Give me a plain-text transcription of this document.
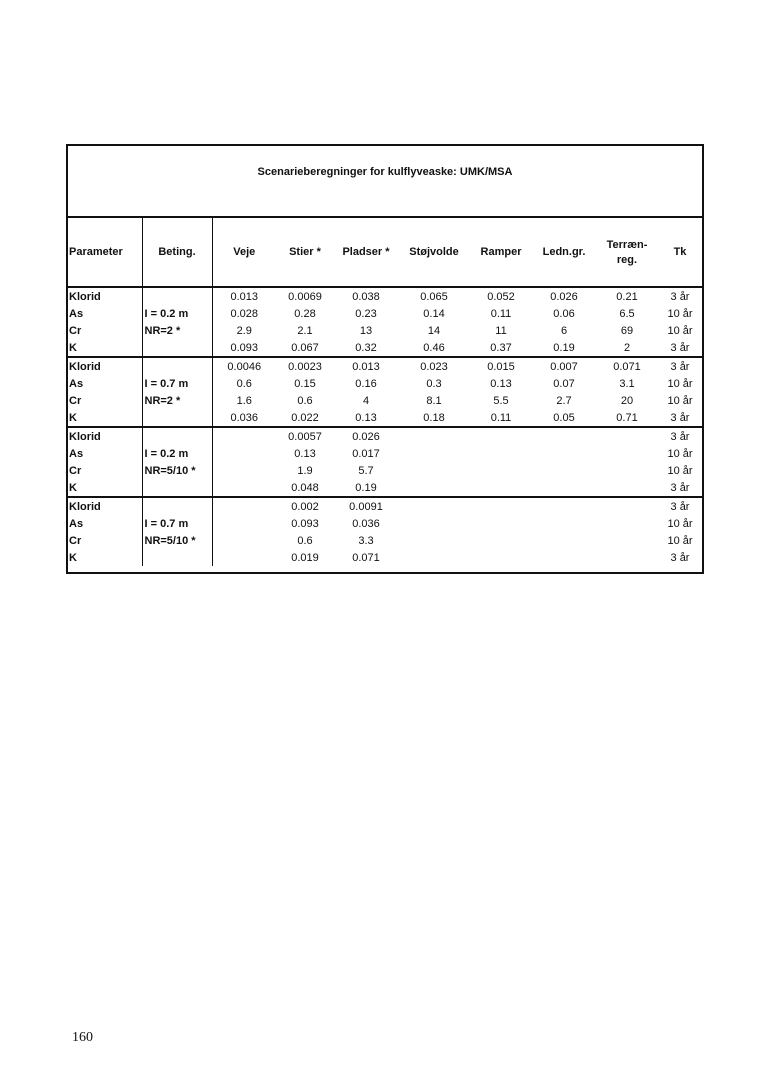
Scenarieberegninger for kulflyveaske: UMK/MSA
Parameter	Beting.	Veje	Stier *	Pladser *	Støjvolde	Ramper	Ledn.gr.	Terræn-
reg.	Tk
Klorid		0.013	0.0069	0.038	0.065	0.052	0.026	0.21	3 år
As	I = 0.2 m	0.028	0.28	0.23	0.14	0.11	0.06	6.5	10 år
Cr	NR=2 *	2.9	2.1	13	14	11	6	69	10 år
K		0.093	0.067	0.32	0.46	0.37	0.19	2	3 år
Klorid		0.0046	0.0023	0.013	0.023	0.015	0.007	0.071	3 år
As	I = 0.7 m	0.6	0.15	0.16	0.3	0.13	0.07	3.1	10 år
Cr	NR=2 *	1.6	0.6	4	8.1	5.5	2.7	20	10 år
K		0.036	0.022	0.13	0.18	0.11	0.05	0.71	3 år
Klorid			0.0057	0.026					3 år
As	I = 0.2 m		0.13	0.017					10 år
Cr	NR=5/10 *		1.9	5.7					10 år
K			0.048	0.19					3 år
Klorid			0.002	0.0091					3 år
As	I = 0.7 m		0.093	0.036					10 år
Cr	NR=5/10 *		0.6	3.3					10 år
K			0.019	0.071					3 år
160
